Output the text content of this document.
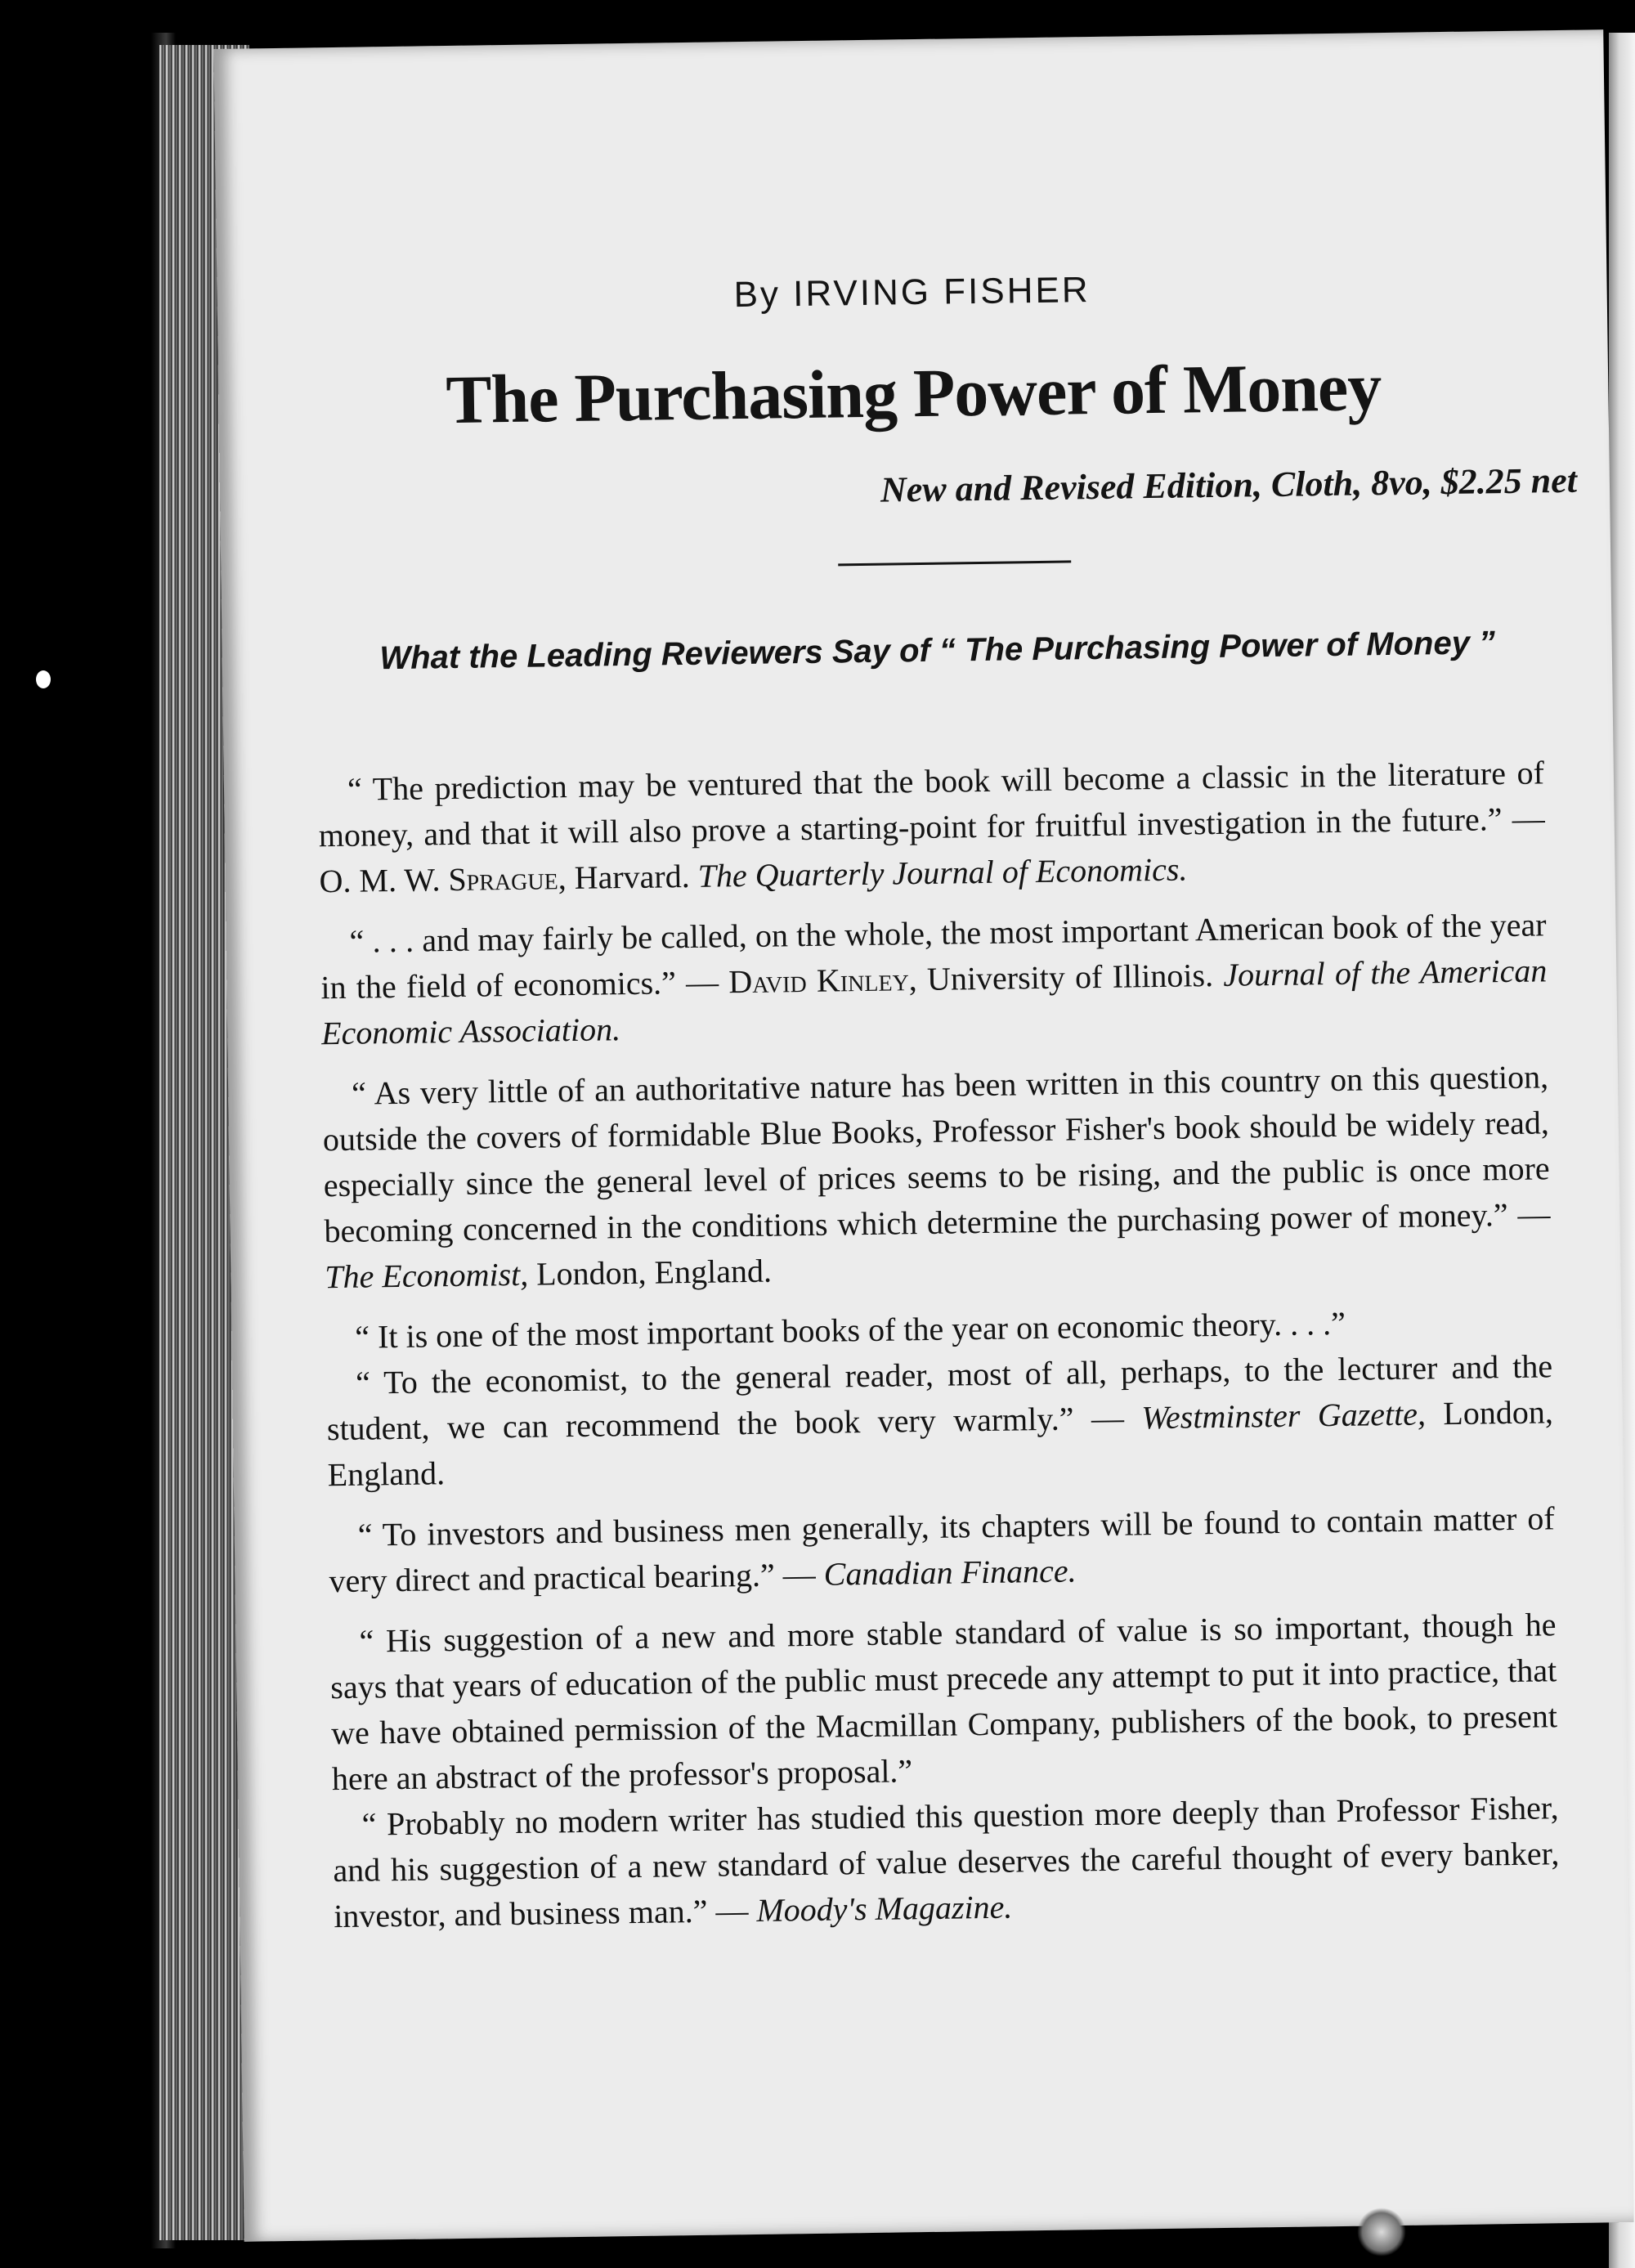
By IRVING FISHER
The Purchasing Power of Money
New and Revised Edition, Cloth, 8vo, $2.25 net
What the Leading Reviewers Say of “ The Purchasing Power of Money ”

“ The prediction may be ventured that the book will become a classic in the literature of money, and that it will also prove a starting-point for fruitful investigation in the future.” — O. M. W. Sprague, Harvard. The Quarterly Journal of Economics.

“ . . . and may fairly be called, on the whole, the most important American book of the year in the field of economics.” — David Kinley, University of Illinois. Journal of the American Economic Association.

“ As very little of an authoritative nature has been written in this country on this question, outside the covers of formidable Blue Books, Professor Fisher's book should be widely read, especially since the general level of prices seems to be rising, and the public is once more becoming concerned in the conditions which determine the purchasing power of money.” — The Economist, London, England.

“ It is one of the most important books of the year on economic theory. . . .”

“ To the economist, to the general reader, most of all, perhaps, to the lecturer and the student, we can recommend the book very warmly.” — Westminster Gazette, London, England.

“ To investors and business men generally, its chapters will be found to contain matter of very direct and practical bearing.” — Canadian Finance.

“ His suggestion of a new and more stable standard of value is so important, though he says that years of education of the public must precede any attempt to put it into practice, that we have obtained permission of the Macmillan Company, publishers of the book, to present here an abstract of the professor's proposal.”

“ Probably no modern writer has studied this question more deeply than Professor Fisher, and his suggestion of a new standard of value deserves the careful thought of every banker, investor, and business man.” — Moody's Magazine.
